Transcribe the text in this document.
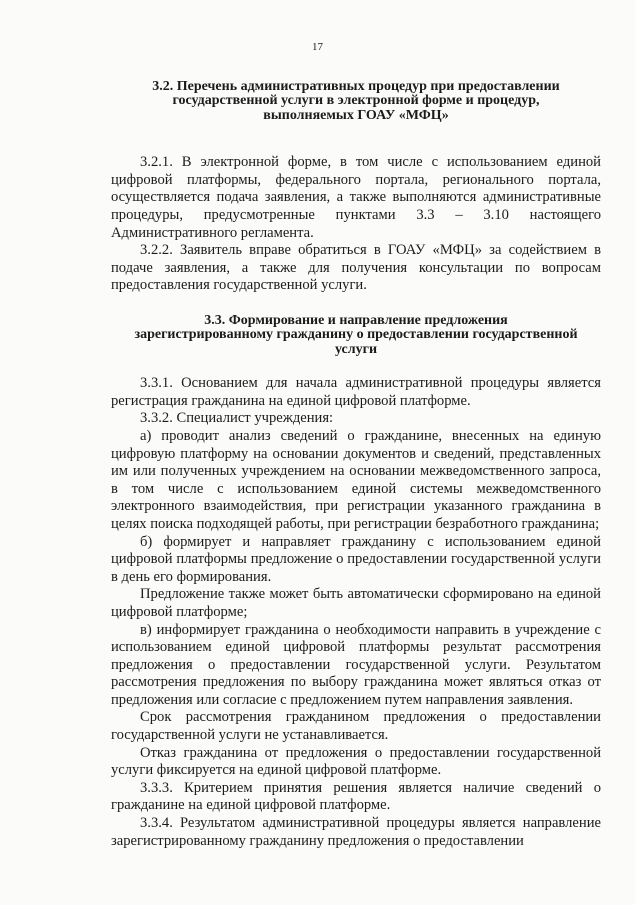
17
3.2. Перечень административных процедур при предоставлении
государственной услуги в электронной форме и процедур,
выполняемых ГОАУ «МФЦ»

3.2.1. В электронной форме, в том числе с использованием единой цифровой платформы, федерального портала, регионального портала, осуществляется подача заявления, а также выполняются административные процедуры, предусмотренные пунктами 3.3 – 3.10 настоящего Административного регламента.

3.2.2. Заявитель вправе обратиться в ГОАУ «МФЦ» за содействием в подаче заявления, а также для получения консультации по вопросам предоставления государственной услуги.

3.3. Формирование и направление предложения
зарегистрированному гражданину о предоставлении государственной
услуги

3.3.1. Основанием для начала административной процедуры является регистрация гражданина на единой цифровой платформе.

3.3.2. Специалист учреждения:

а) проводит анализ сведений о гражданине, внесенных на единую цифровую платформу на основании документов и сведений, представленных им или полученных учреждением на основании межведомственного запроса, в том числе с использованием единой системы межведомственного электронного взаимодействия, при регистрации указанного гражданина в целях поиска подходящей работы, при регистрации безработного гражданина;

б) формирует и направляет гражданину с использованием единой цифровой платформы предложение о предоставлении государственной услуги в день его формирования.

Предложение также может быть автоматически сформировано на единой цифровой платформе;

в) информирует гражданина о необходимости направить в учреждение с использованием единой цифровой платформы результат рассмотрения предложения о предоставлении государственной услуги. Результатом рассмотрения предложения по выбору гражданина может являться отказ от предложения или согласие с предложением путем направления заявления.

Срок рассмотрения гражданином предложения о предоставлении государственной услуги не устанавливается.

Отказ гражданина от предложения о предоставлении государственной услуги фиксируется на единой цифровой платформе.

3.3.3. Критерием принятия решения является наличие сведений о гражданине на единой цифровой платформе.

3.3.4. Результатом административной процедуры является направление зарегистрированному гражданину предложения о предоставлении
